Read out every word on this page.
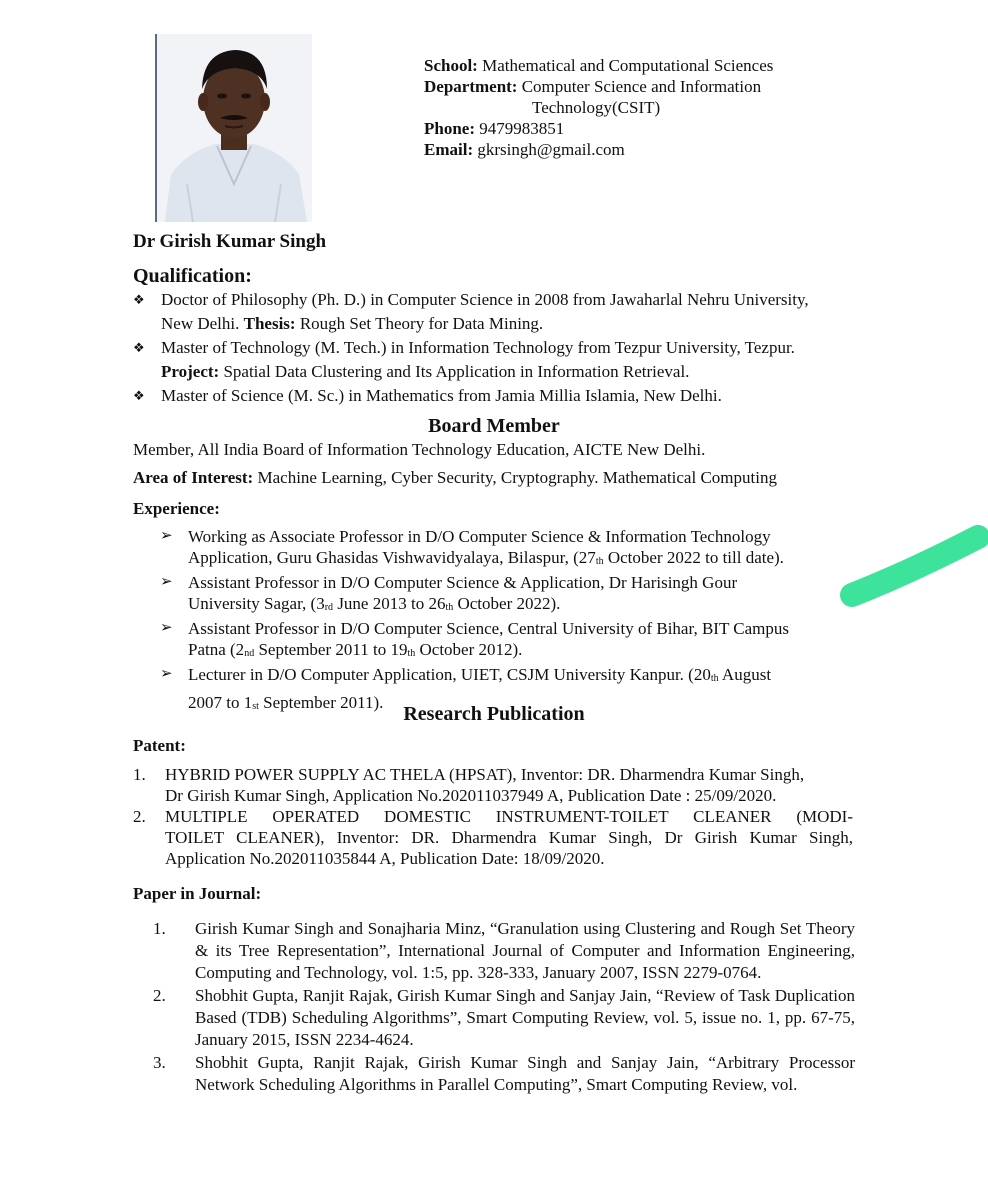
School: Mathematical and Computational Sciences
Department: Computer Science and Information
Technology(CSIT)
Phone: 9479983851
Email: gkrsingh@gmail.com
Dr Girish Kumar Singh
Qualification:
❖ Doctor of Philosophy (Ph. D.) in Computer Science in 2008 from Jawaharlal Nehru University,
New Delhi. Thesis: Rough Set Theory for Data Mining.
❖ Master of Technology (M. Tech.) in Information Technology from Tezpur University, Tezpur.
Project: Spatial Data Clustering and Its Application in Information Retrieval.
❖ Master of Science (M. Sc.) in Mathematics from Jamia Millia Islamia, New Delhi.
Board Member
Member, All India Board of Information Technology Education, AICTE New Delhi.
Area of Interest: Machine Learning, Cyber Security, Cryptography. Mathematical Computing
Experience:
➢ Working as Associate Professor in D/O Computer Science & Information Technology
Application, Guru Ghasidas Vishwavidyalaya, Bilaspur, ($27_{th}$ October 2022 to till date).
➢ Assistant Professor in D/O Computer Science & Application, Dr Harisingh Gour
University Sagar, ($3_{rd}$ June 2013 to $26_{th}$ October 2022).
➢ Assistant Professor in D/O Computer Science, Central University of Bihar, BIT Campus
Patna ($2_{nd}$ September 2011 to $19_{th}$ October 2012).
➢ Lecturer in D/O Computer Application, UIET, CSJM University Kanpur. ($20_{th}$ August
2007 to $1_{st}$ September 2011).
Research Publication
Patent:
1. HYBRID POWER SUPPLY AC THELA (HPSAT), Inventor: DR. Dharmendra Kumar Singh,
Dr Girish Kumar Singh, Application No.202011037949 A, Publication Date : 25/09/2020.
2. MULTIPLE OPERATED DOMESTIC INSTRUMENT-TOILET CLEANER (MODI-
TOILET CLEANER), Inventor: DR. Dharmendra Kumar Singh, Dr Girish Kumar Singh,
Application No.202011035844 A, Publication Date: 18/09/2020.
Paper in Journal:
1. Girish Kumar Singh and Sonajharia Minz, “Granulation using Clustering and Rough Set Theory & its Tree Representation”, International Journal of Computer and Information Engineering, Computing and Technology, vol. 1:5, pp. 328-333, January 2007, ISSN 2279-0764.
2. Shobhit Gupta, Ranjit Rajak, Girish Kumar Singh and Sanjay Jain, “Review of Task Duplication Based (TDB) Scheduling Algorithms”, Smart Computing Review, vol. 5, issue no. 1, pp. 67-75, January 2015, ISSN 2234-4624.
3. Shobhit Gupta, Ranjit Rajak, Girish Kumar Singh and Sanjay Jain, “Arbitrary Processor Network Scheduling Algorithms in Parallel Computing”, Smart Computing Review, vol.
